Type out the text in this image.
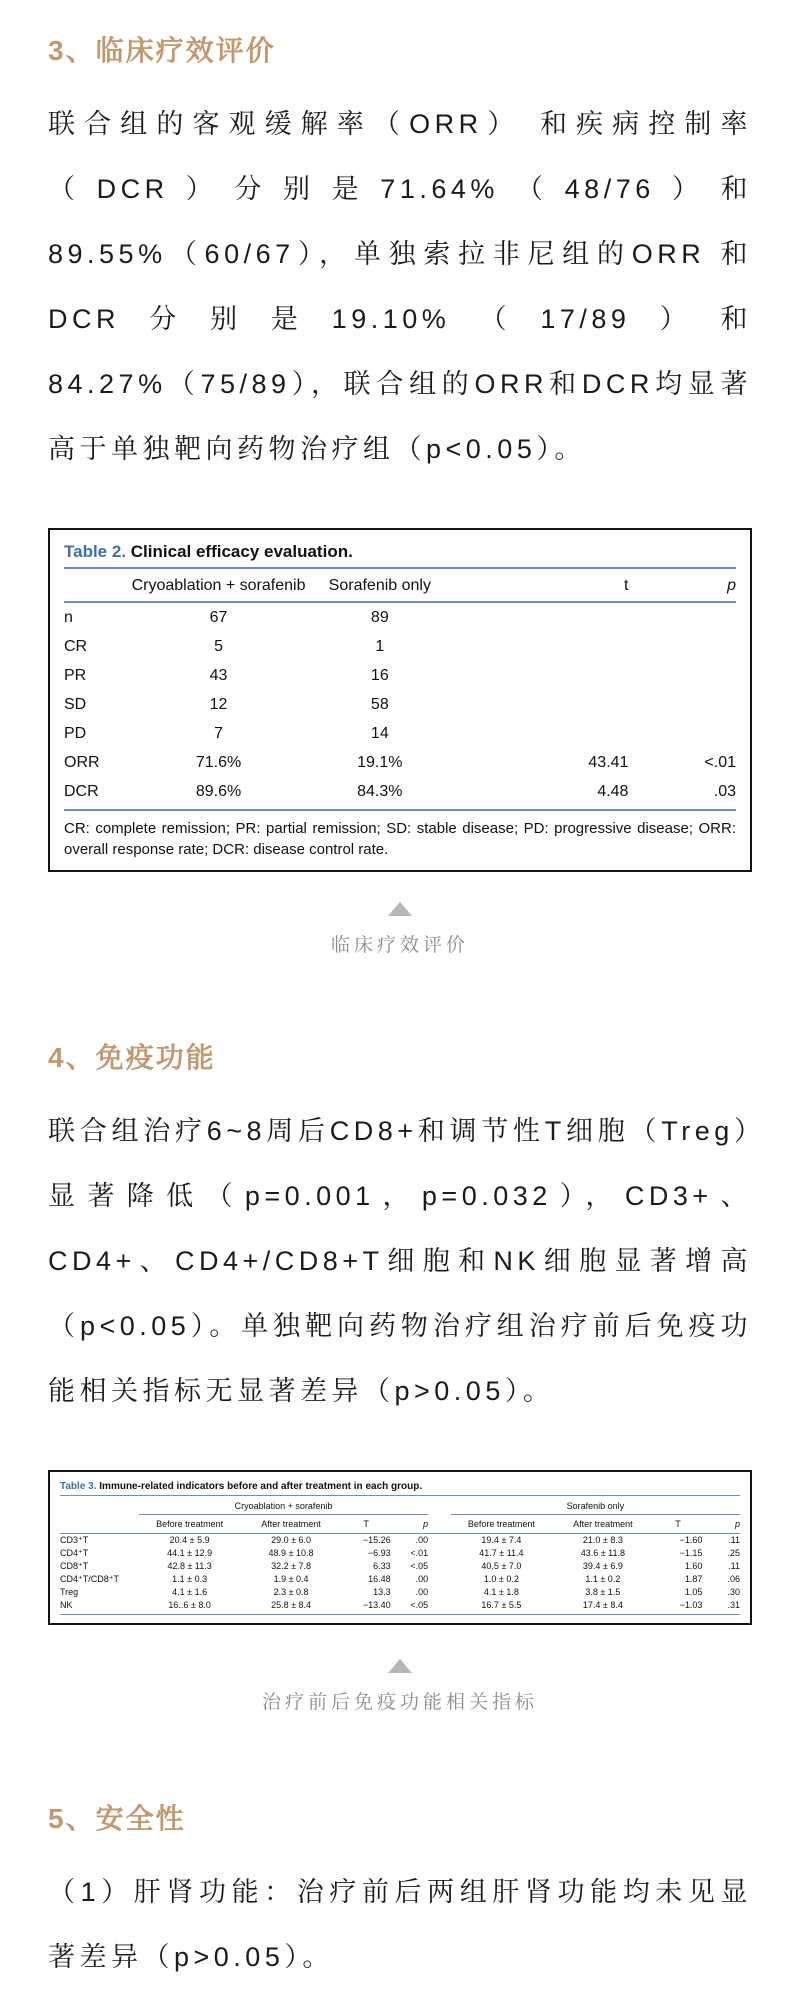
3、临床疗效评价

联合组的客观缓解率（ORR） 和疾病控制率（DCR）分别是71.64%（48/76）和89.55%（60/67），单独索拉非尼组的ORR 和DCR分别是19.10%（17/89）和84.27%（75/89），联合组的ORR和DCR均显著高于单独靶向药物治疗组（p<0.05）。

Table 2. Clinical efficacy evaluation.
	Cryoablation + sorafenib	Sorafenib only	t	p
n	67	89		
CR	5	1		
PR	43	16		
SD	12	58		
PD	7	14		
ORR	71.6%	19.1%	43.41	<.01
DCR	89.6%	84.3%	4.48	.03
CR: complete remission; PR: partial remission; SD: stable disease; PD: progressive disease; ORR: overall response rate; DCR: disease control rate.
临床疗效评价
4、免疫功能

联合组治疗6~8周后CD8+和调节性T细胞（Treg）显著降低（p=0.001，p=0.032），CD3+、CD4+、CD4+/CD8+T细胞和NK细胞显著增高（p<0.05）。单独靶向药物治疗组治疗前后免疫功能相关指标无显著差异（p>0.05）。

Table 3. Immune-related indicators before and after treatment in each group.

	Cryoablation + sorafenib					Sorafenib only			

	Before treatment	After treatment	T	p		Before treatment	After treatment	T	p
CD3⁺T	20.4 ± 5.9	29.0 ± 6.0	−15.26	.00		19.4 ± 7.4	21.0 ± 8.3	−1.60	.11
CD4⁺T	44.1 ± 12.9	48.9 ± 10.8	−6.93	<.01		41.7 ± 11.4	43.6 ± 11.8	−1.15	.25
CD8⁺T	42.8 ± 11.3	32.2 ± 7.8	6.33	<.05		40.5 ± 7.0	39.4 ± 6.9	1.60	.11
CD4⁺T/CD8⁺T	1.1 ± 0.3	1.9 ± 0.4	16.48	.00		1.0 ± 0.2	1.1 ± 0.2	1.87	.06
Treg	4.1 ± 1.6	2.3 ± 0.8	13.3	.00		4.1 ± 1.8	3.8 ± 1.5	1.05	.30
NK	16..6 ± 8.0	25.8 ± 8.4	−13.40	<.05		16.7 ± 5.5	17.4 ± 8.4	−1.03	.31
治疗前后免疫功能相关指标
5、安全性

（1）肝肾功能：治疗前后两组肝肾功能均未见显著差异（p>0.05）。
